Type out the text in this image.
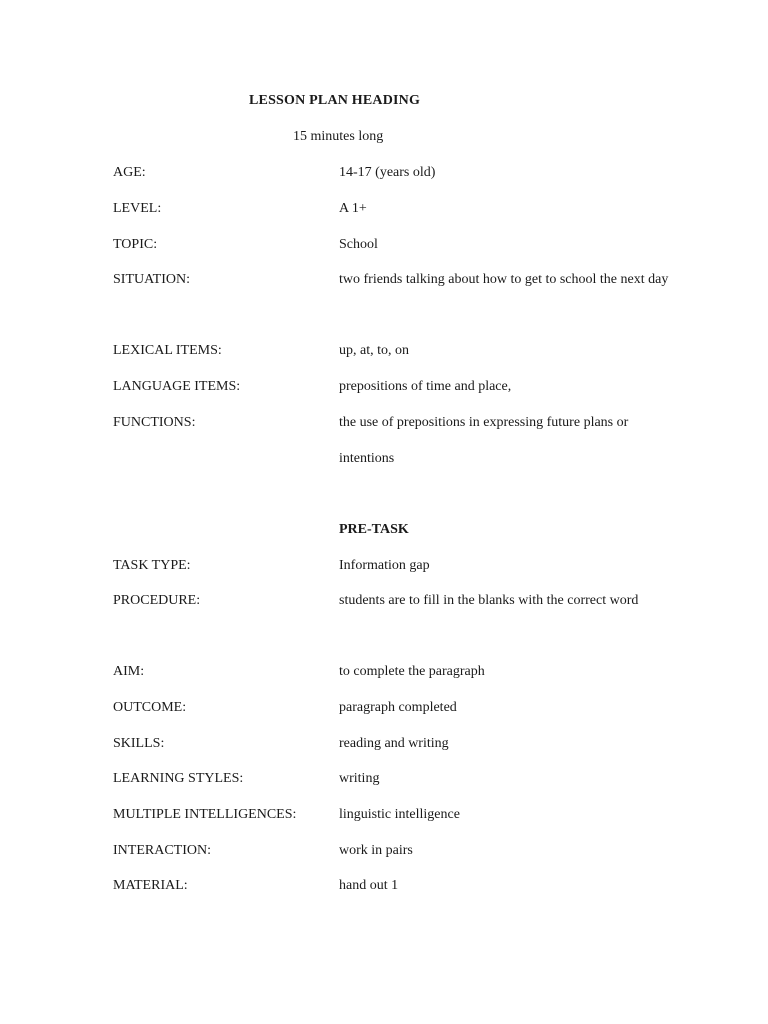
LESSON PLAN HEADING
15 minutes long
AGE:	14-17 (years old)
LEVEL:	A 1+
TOPIC:	School
SITUATION:	two friends talking about how to get to school the next day
LEXICAL ITEMS:	up, at, to, on
LANGUAGE ITEMS:	prepositions of time and place,
FUNCTIONS:	the use of prepositions in expressing future plans or intentions
PRE-TASK
TASK TYPE:	Information gap
PROCEDURE:	students are to fill in the blanks with the correct word
AIM:	to complete the paragraph
OUTCOME:	paragraph completed
SKILLS:	reading and writing
LEARNING STYLES:	writing
MULTIPLE INTELLIGENCES:	linguistic intelligence
INTERACTION:	work in pairs
MATERIAL:	hand out 1
